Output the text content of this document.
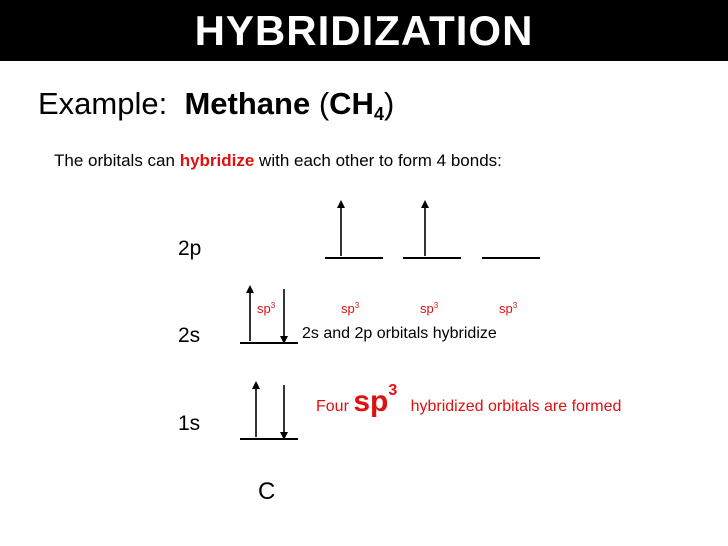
HYBRIDIZATION
Example: Methane $(CH_4)$
The orbitals can hybridize with each other to form 4 bonds:
2p
2s
1s
C
$sp^3$	$sp^3$	$sp^3$	$sp^3$
2s and 2p orbitals hybridize
Four $sp^3$   hybridized orbitals are formed
